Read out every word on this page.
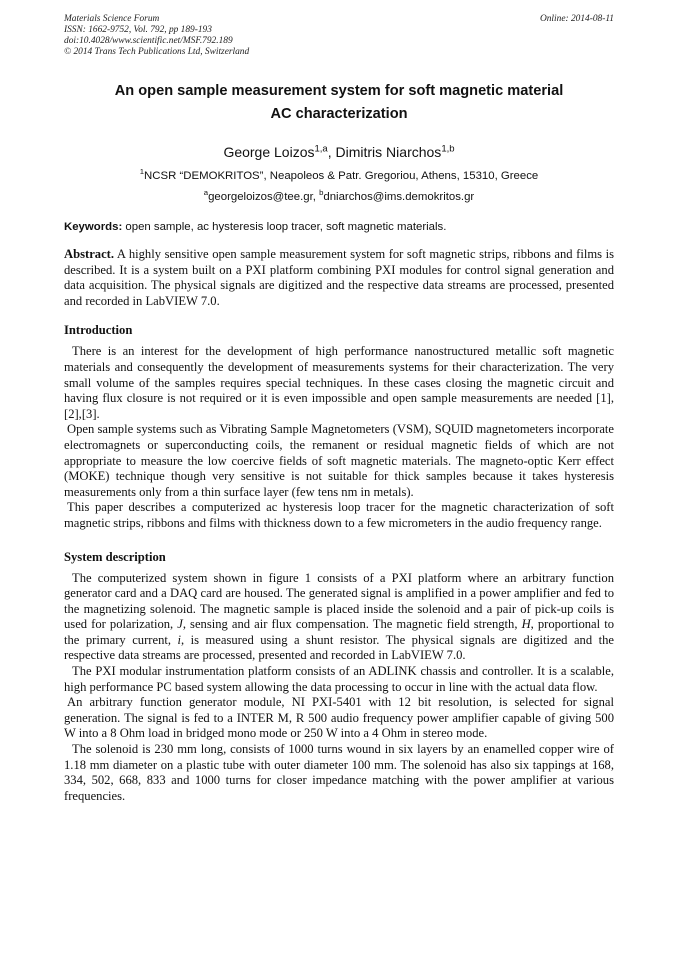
Materials Science Forum
ISSN: 1662-9752, Vol. 792, pp 189-193
doi:10.4028/www.scientific.net/MSF.792.189
© 2014 Trans Tech Publications Ltd, Switzerland
Online: 2014-08-11
An open sample measurement system for soft magnetic material
AC characterization
George Loizos$^{1,a}$, Dimitris Niarchos$^{1,b}$
$^1$NCSR “DEMOKRITOS”, Neapoleos & Patr. Gregoriou, Athens, 15310, Greece
$^a$georgeloizos@tee.gr, $^b$dniarchos@ims.demokritos.gr
Keywords: open sample, ac hysteresis loop tracer, soft magnetic materials.
Abstract. A highly sensitive open sample measurement system for soft magnetic strips, ribbons and films is described. It is a system built on a PXI platform combining PXI modules for control signal generation and data acquisition. The physical signals are digitized and the respective data streams are processed, presented and recorded in LabVIEW 7.0.
Introduction

There is an interest for the development of high performance nanostructured metallic soft magnetic materials and consequently the development of measurements systems for their characterization. The very small volume of the samples requires special techniques. In these cases closing the magnetic circuit and having flux closure is not required or it is even impossible and open sample measurements are needed [1],[2],[3].

Open sample systems such as Vibrating Sample Magnetometers (VSM), SQUID magnetometers incorporate electromagnets or superconducting coils, the remanent or residual magnetic fields of which are not appropriate to measure the low coercive fields of soft magnetic materials. The magneto-optic Kerr effect (MOKE) technique though very sensitive is not suitable for thick samples because it takes hysteresis measurements only from a thin surface layer (few tens nm in metals).

This paper describes a computerized ac hysteresis loop tracer for the magnetic characterization of soft magnetic strips, ribbons and films with thickness down to a few micrometers in the audio frequency range.

System description

The computerized system shown in figure 1 consists of a PXI platform where an arbitrary function generator card and a DAQ card are housed. The generated signal is amplified in a power amplifier and fed to the magnetizing solenoid. The magnetic sample is placed inside the solenoid and a pair of pick-up coils is used for polarization, J, sensing and air flux compensation. The magnetic field strength, H, proportional to the primary current, i, is measured using a shunt resistor. The physical signals are digitized and the respective data streams are processed, presented and recorded in LabVIEW 7.0.

The PXI modular instrumentation platform consists of an ADLINK chassis and controller. It is a scalable, high performance PC based system allowing the data processing to occur in line with the actual data flow.

An arbitrary function generator module, NI PXI-5401 with 12 bit resolution, is selected for signal generation. The signal is fed to a INTER M, R 500 audio frequency power amplifier capable of giving 500 W into a 8 Ohm load in bridged mono mode or 250 W into a 4 Ohm in stereo mode.

The solenoid is 230 mm long, consists of 1000 turns wound in six layers by an enamelled copper wire of 1.18 mm diameter on a plastic tube with outer diameter 100 mm. The solenoid has also six tappings at 168, 334, 502, 668, 833 and 1000 turns for closer impedance matching with the power amplifier at various frequencies.
